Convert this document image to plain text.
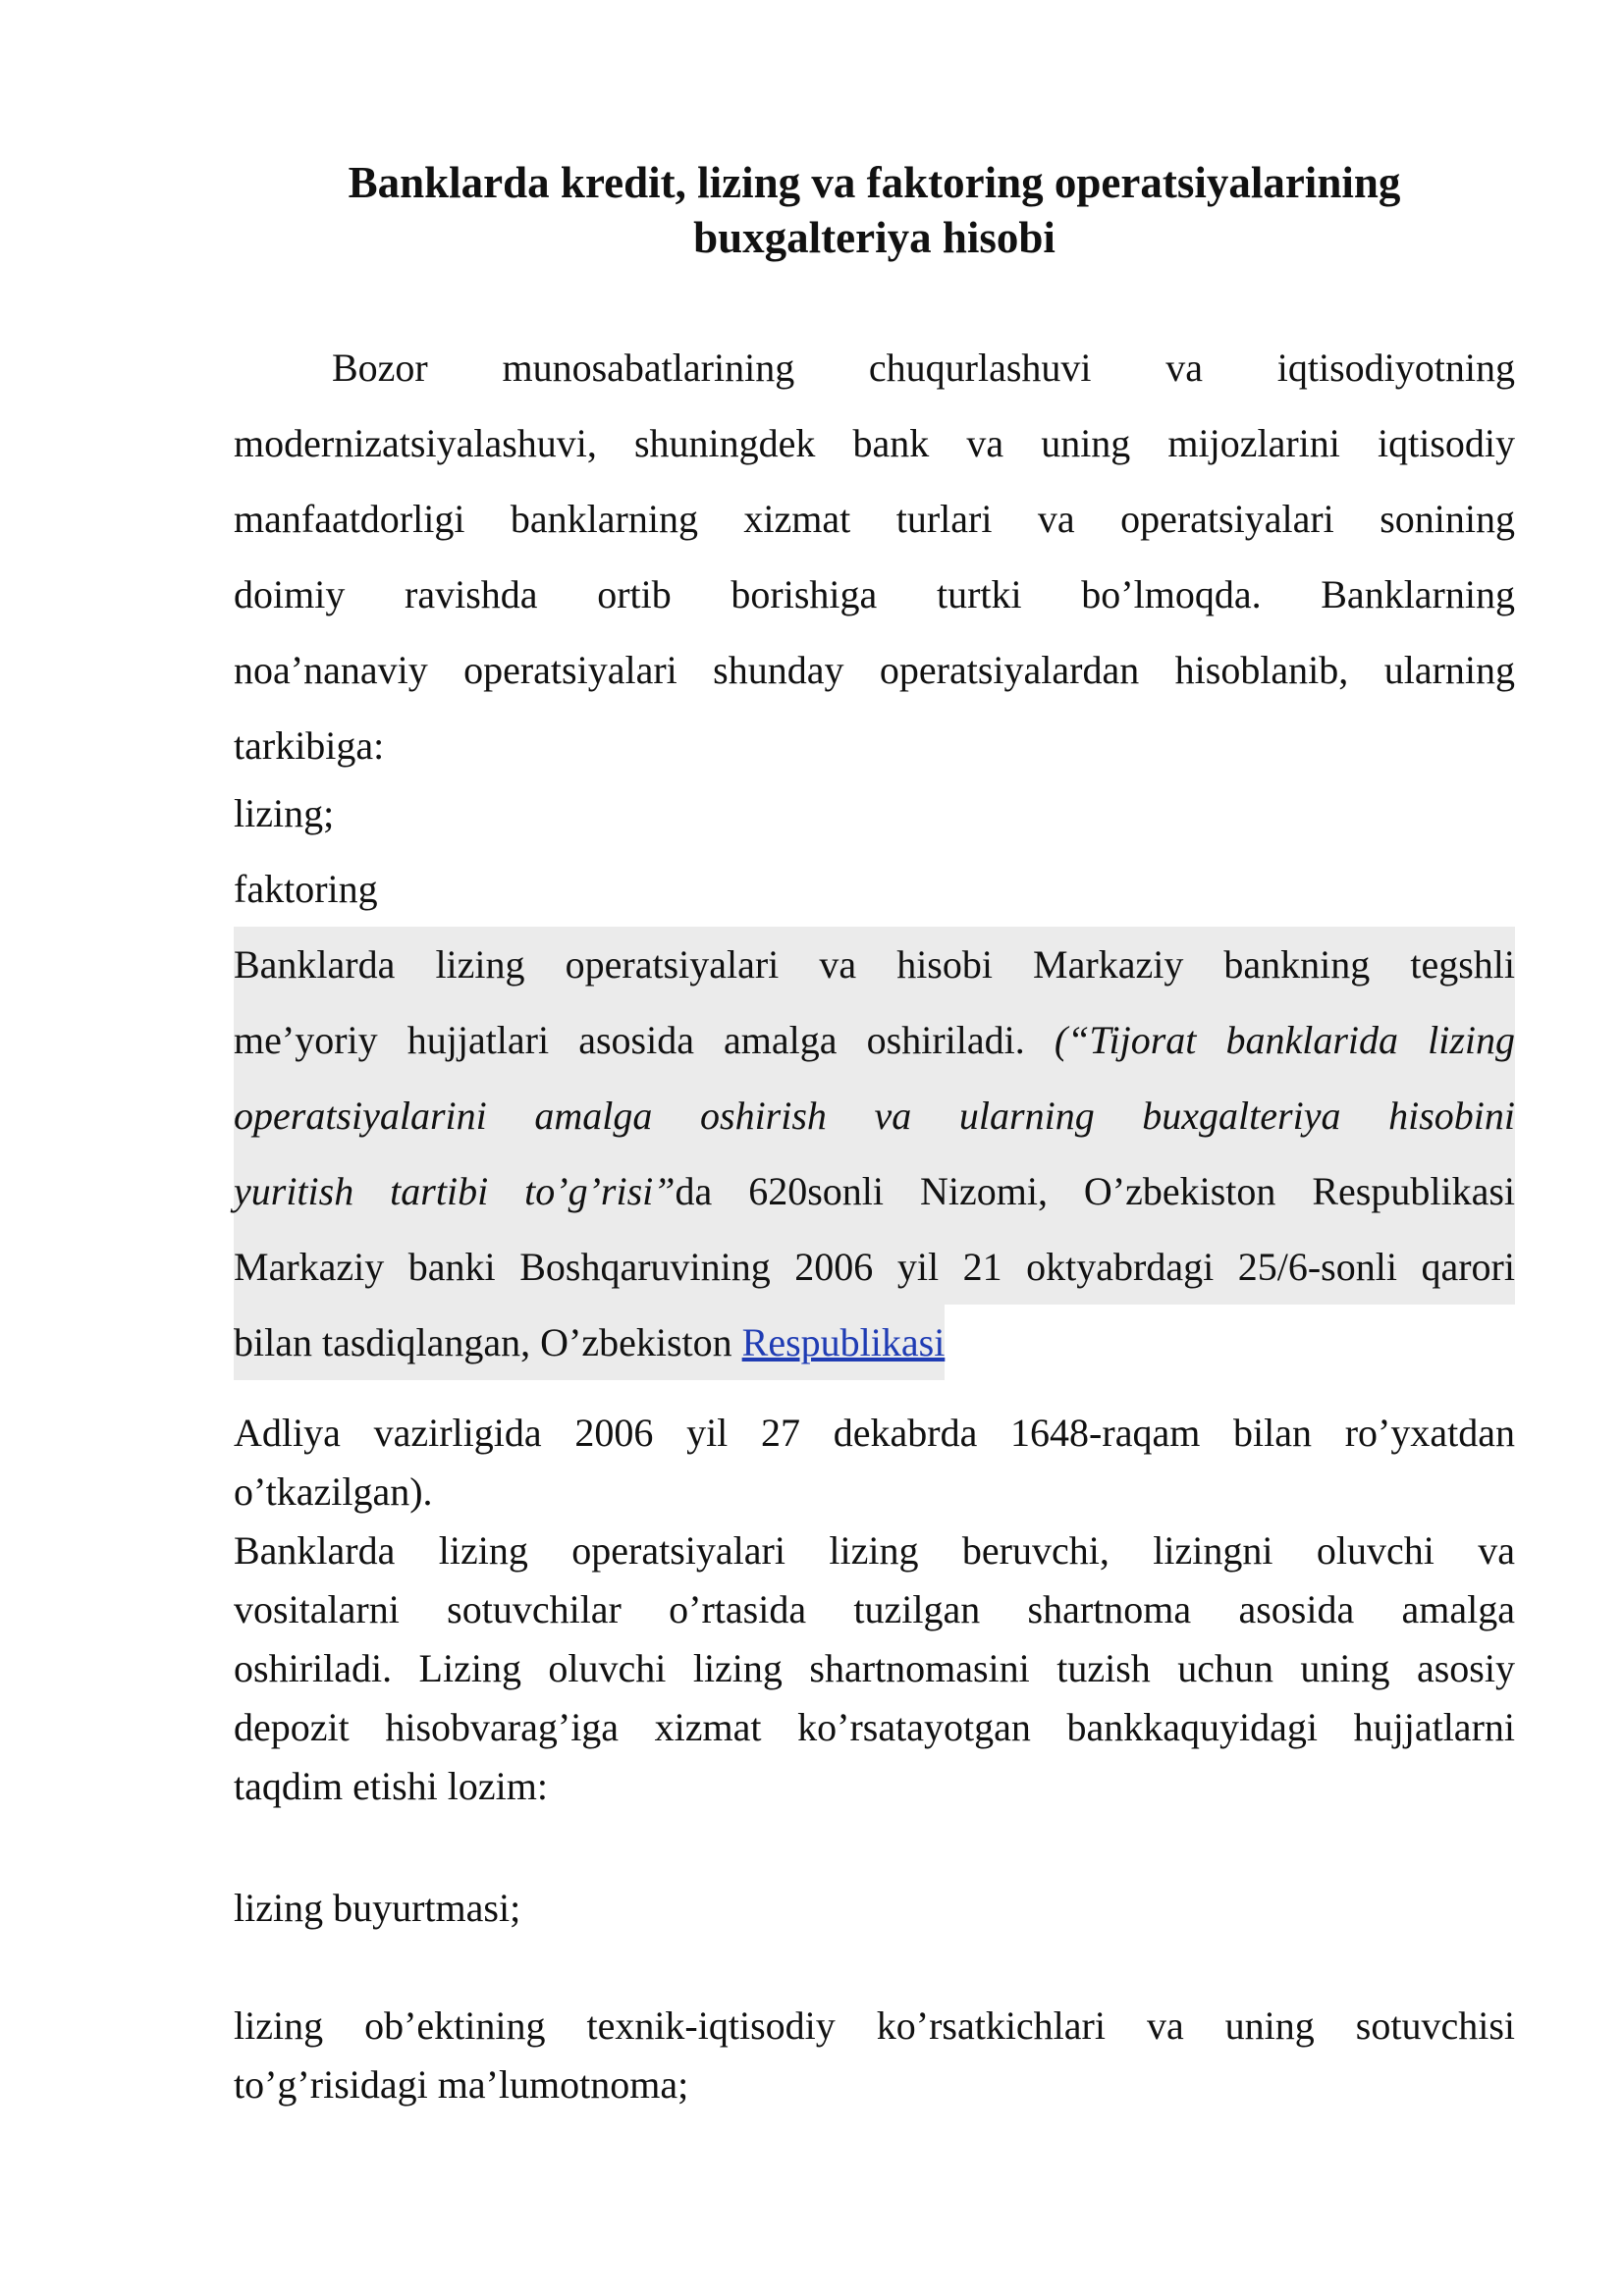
Banklarda kredit, lizing va faktoring operatsiyalarining
buxgalteriya hisobi
Bozor munosabatlarining chuqurlashuvi va iqtisodiyotning
modernizatsiyalashuvi, shuningdek bank va uning mijozlarini iqtisodiy
manfaatdorligi banklarning xizmat turlari va operatsiyalari sonining
doimiy ravishda ortib borishiga turtki bo’lmoqda. Banklarning
noa’nanaviy operatsiyalari shunday operatsiyalardan hisoblanib, ularning
tarkibiga:
lizing;
faktoring
Banklarda lizing operatsiyalari va hisobi Markaziy bankning tegshli
me’yoriy hujjatlari asosida amalga oshiriladi. (“Tijorat banklarida lizing
operatsiyalarini amalga oshirish va ularning buxgalteriya hisobini
yuritish tartibi to’g’risi”da 620sonli Nizomi, O’zbekiston Respublikasi
Markaziy banki Boshqaruvining 2006 yil 21 oktyabrdagi 25/6-sonli qarori
bilan tasdiqlangan, O’zbekiston Respublikasi
Adliya vazirligida 2006 yil 27 dekabrda 1648-raqam bilan ro’yxatdan
o’tkazilgan).
Banklarda lizing operatsiyalari lizing beruvchi, lizingni oluvchi va
vositalarni sotuvchilar o’rtasida tuzilgan shartnoma asosida amalga
oshiriladi. Lizing oluvchi lizing shartnomasini tuzish uchun uning asosiy
depozit hisobvarag’iga xizmat ko’rsatayotgan bankkaquyidagi hujjatlarni
taqdim etishi lozim:
lizing buyurtmasi;
lizing ob’ektining texnik-iqtisodiy ko’rsatkichlari va uning sotuvchisi
to’g’risidagi ma’lumotnoma;
